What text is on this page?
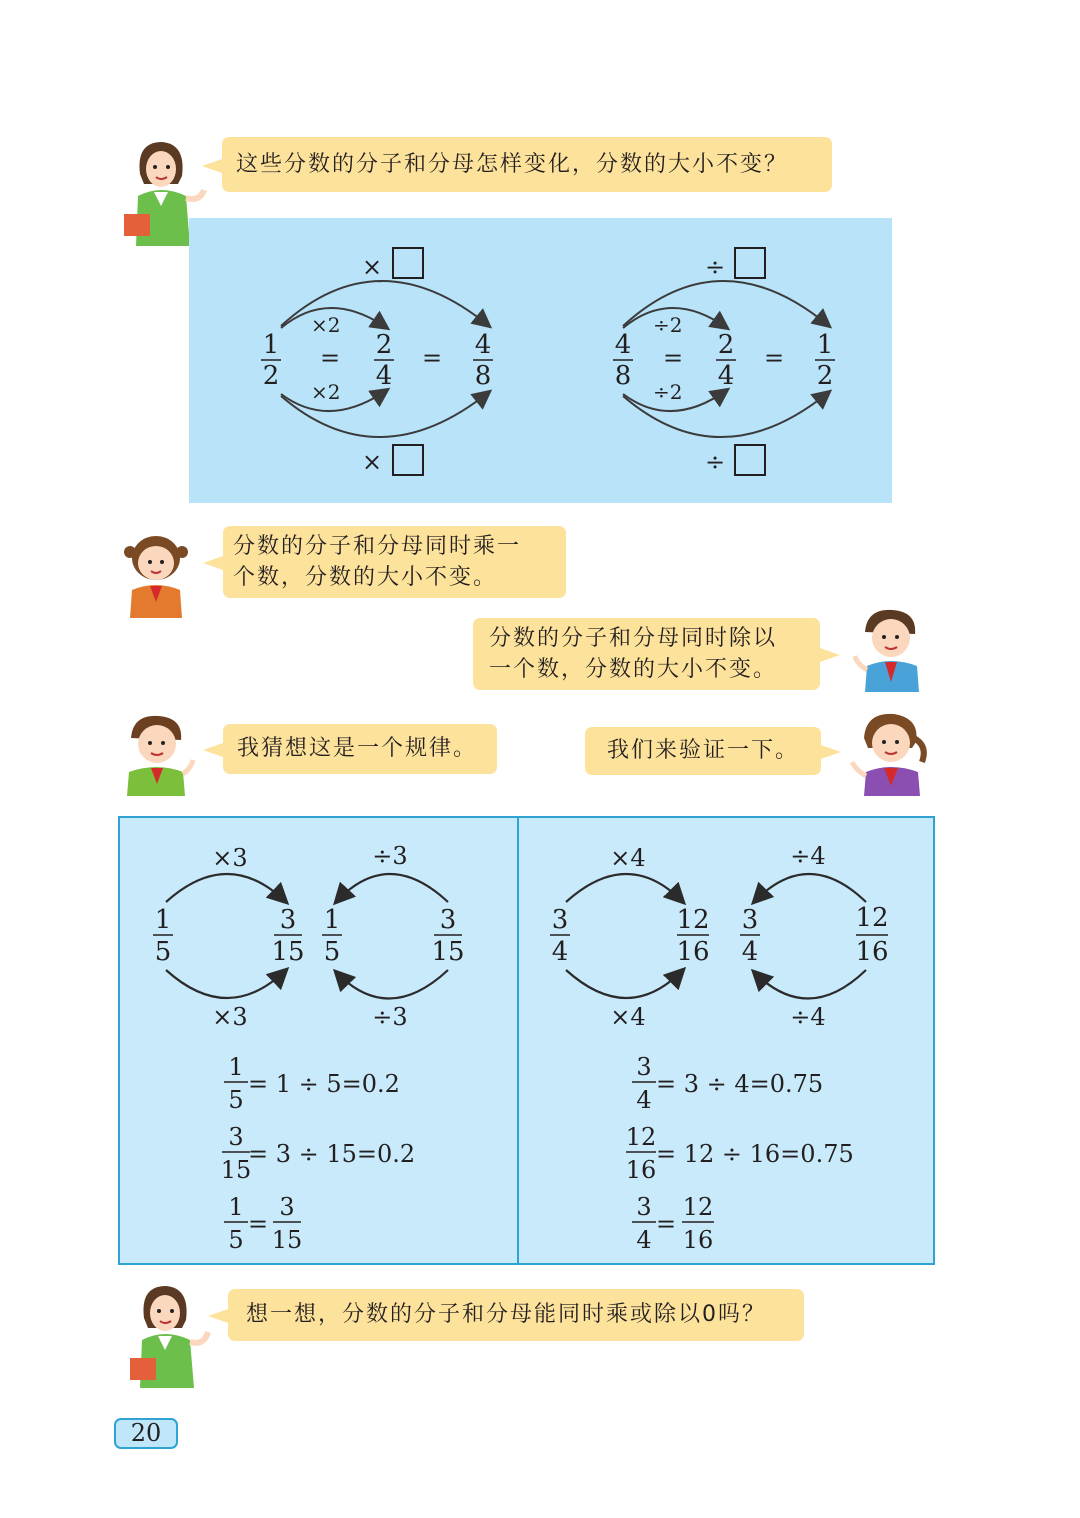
这些分数的分子和分母怎样变化，分数的大小不变？
×
×2
1
2
= 2
4
= 4
8
×2
×
÷
÷2
4
8
= 2
4
= 1
2
÷2
÷
分数的分子和分母同时乘一
个数，分数的大小不变。
分数的分子和分母同时除以
一个数，分数的大小不变。
我猜想这是一个规律。	我们来验证一下。
×3
1
5
3
15
×3
÷3
1
5
3
15
÷3
1
5
= 1 ÷ 5=0.2
3
15
= 3 ÷ 15=0.2
1
5
=
3
15
×4
3
4
12
16
×4
÷4
3
4
12
16
÷4
3
4
= 3 ÷ 4=0.75
12
16
= 12 ÷ 16=0.75
3
4
=
12
16
想一想，分数的分子和分母能同时乘或除以0吗？
20
